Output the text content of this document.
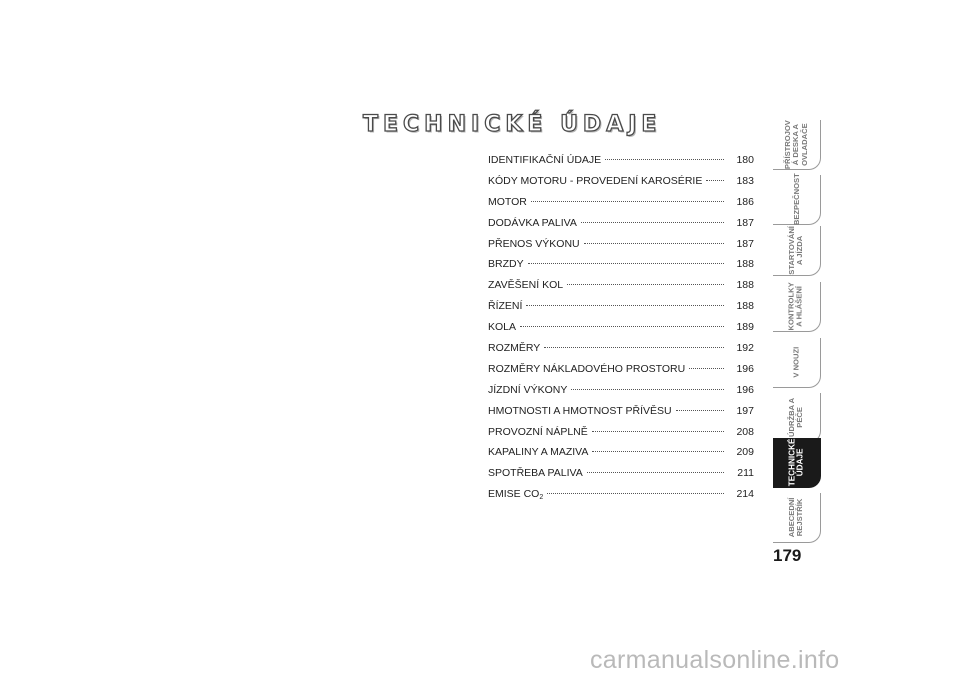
TECHNICKÉ ÚDAJE
IDENTIFIKAČNÍ ÚDAJE	180
KÓDY MOTORU - PROVEDENÍ KAROSÉRIE	183
MOTOR	186
DODÁVKA PALIVA	187
PŘENOS VÝKONU	187
BRZDY	188
ZAVĚŠENÍ KOL	188
ŘÍZENÍ	188
KOLA	189
ROZMĚRY	192
ROZMĚRY NÁKLADOVÉHO PROSTORU	196
JÍZDNÍ VÝKONY	196
HMOTNOSTI A HMOTNOST PŘÍVĚSU	197
PROVOZNÍ NÁPLNĚ	208
KAPALINY A MAZIVA	209
SPOTŘEBA PALIVA	211
EMISE $CO_2$	214
PŘÍSTROJOV
Á DESKA A
OVLADAČE
BEZPEČNOST
STARTOVÁNÍ
A JÍZDA
KONTROLKY
A HLÁŠENÍ
V NOUZI
ÚDRŽBA A
PÉČE
TECHNICKÉ
ÚDAJE
ABECEDNÍ
REJSTŘÍK
179
carmanualsonline.info
